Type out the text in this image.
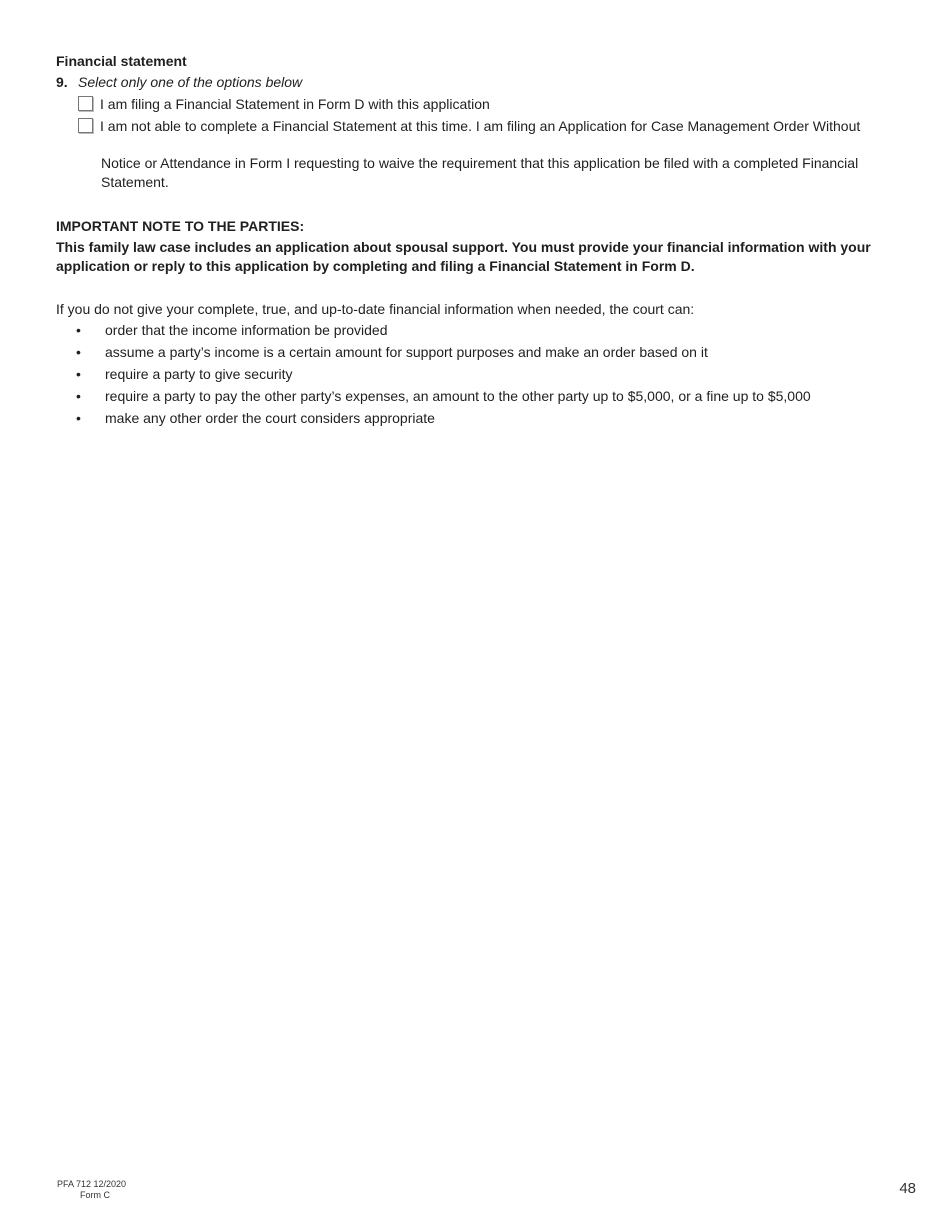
Financial statement
9. Select only one of the options below
I am filing a Financial Statement in Form D with this application
I am not able to complete a Financial Statement at this time. I am filing an Application for Case Management Order Without
Notice or Attendance in Form I requesting to waive the requirement that this application be filed with a completed Financial Statement.
IMPORTANT NOTE TO THE PARTIES:
This family law case includes an application about spousal support. You must provide your financial information with your application or reply to this application by completing and filing a Financial Statement in Form D.
If you do not give your complete, true, and up-to-date financial information when needed, the court can:
• order that the income information be provided
• assume a party’s income is a certain amount for support purposes and make an order based on it
• require a party to give security
• require a party to pay the other party’s expenses, an amount to the other party up to $5,000, or a fine up to $5,000
• make any other order the court considers appropriate
PFA 712 12/2020
Form C	48
